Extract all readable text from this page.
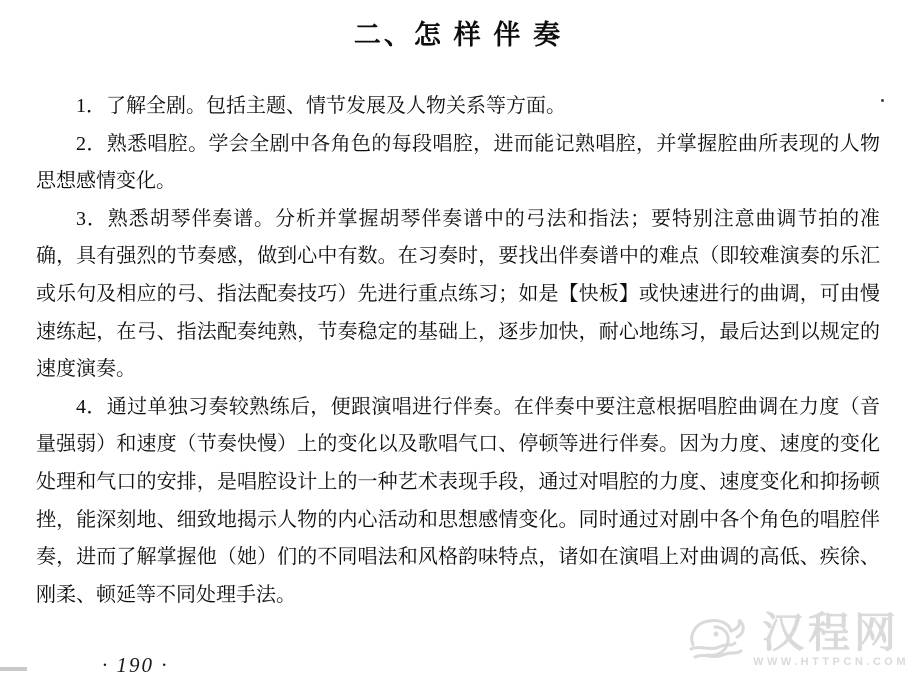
二、怎 样 伴 奏

1．了解全剧。包括主题、情节发展及人物关系等方面。

2．熟悉唱腔。学会全剧中各角色的每段唱腔，进而能记熟唱腔，并掌握腔曲所表现的人物思想感情变化。

3．熟悉胡琴伴奏谱。分析并掌握胡琴伴奏谱中的弓法和指法；要特别注意曲调节拍的准确，具有强烈的节奏感，做到心中有数。在习奏时，要找出伴奏谱中的难点（即较难演奏的乐汇或乐句及相应的弓、指法配奏技巧）先进行重点练习；如是【快板】或快速进行的曲调，可由慢速练起，在弓、指法配奏纯熟，节奏稳定的基础上，逐步加快，耐心地练习，最后达到以规定的速度演奏。

4．通过单独习奏较熟练后，便跟演唱进行伴奏。在伴奏中要注意根据唱腔曲调在力度（音量强弱）和速度（节奏快慢）上的变化以及歌唱气口、停顿等进行伴奏。因为力度、速度的变化处理和气口的安排，是唱腔设计上的一种艺术表现手段，通过对唱腔的力度、速度变化和抑扬顿挫，能深刻地、细致地揭示人物的内心活动和思想感情变化。同时通过对剧中各个角色的唱腔伴奏，进而了解掌握他（她）们的不同唱法和风格韵味特点，诸如在演唱上对曲调的高低、疾徐、刚柔、顿延等不同处理手法。

· 190 ·
汉程网
WWW.HTTPCN.COM
